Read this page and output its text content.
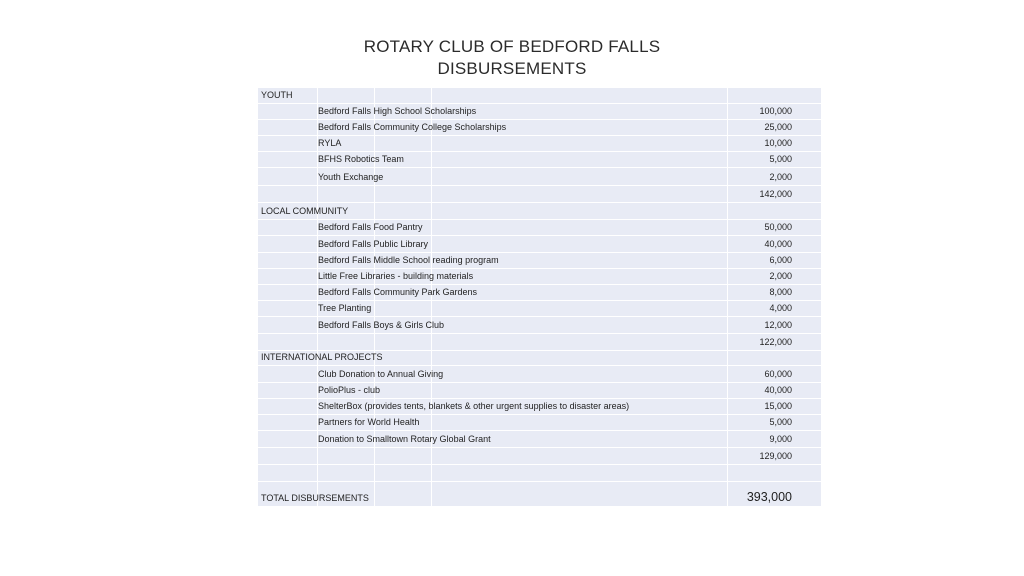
ROTARY CLUB OF BEDFORD FALLS
DISBURSEMENTS
YOUTH
Bedford Falls High School Scholarships	100,000
Bedford Falls Community College Scholarships	25,000
RYLA	10,000
BFHS Robotics Team	5,000
Youth Exchange	2,000
142,000
LOCAL COMMUNITY
Bedford Falls Food Pantry	50,000
Bedford Falls Public Library	40,000
Bedford Falls Middle School reading program	6,000
Little Free Libraries - building materials	2,000
Bedford Falls Community Park Gardens	8,000
Tree Planting	4,000
Bedford Falls Boys & Girls Club	12,000
122,000
INTERNATIONAL PROJECTS
Club Donation to Annual Giving	60,000
PolioPlus - club	40,000
ShelterBox (provides tents, blankets & other urgent supplies to disaster areas)	15,000
Partners for World Health	5,000
Donation to Smalltown Rotary Global Grant	9,000
129,000
TOTAL DISBURSEMENTS	393,000
